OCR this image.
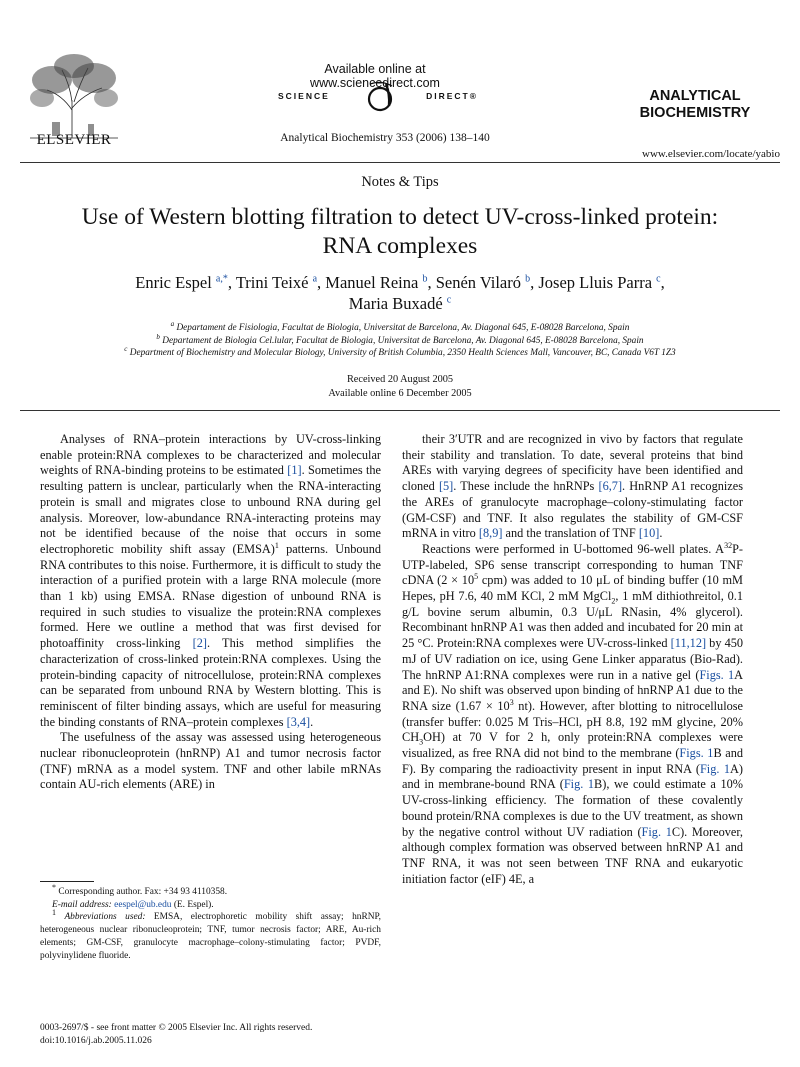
ELSEVIER
Available online at www.sciencedirect.com
SCIENCE	DIRECT®
Analytical Biochemistry 353 (2006) 138–140
ANALYTICAL
BIOCHEMISTRY
www.elsevier.com/locate/yabio
Notes & Tips
Use of Western blotting filtration to detect UV-cross-linked protein:
RNA complexes
Enric Espel $^{a,*}$, Trini Teixé $^a$, Manuel Reina $^b$, Senén Vilaró $^b$, Josep Lluis Parra $^c$,
Maria Buxadé $^c$
$^a$ Departament de Fisiologia, Facultat de Biologia, Universitat de Barcelona, Av. Diagonal 645, E-08028 Barcelona, Spain
$^b$ Departament de Biologia Cel.lular, Facultat de Biologia, Universitat de Barcelona, Av. Diagonal 645, E-08028 Barcelona, Spain
$^c$ Department of Biochemistry and Molecular Biology, University of British Columbia, 2350 Health Sciences Mall, Vancouver, BC, Canada V6T 1Z3
Received 20 August 2005
Available online 6 December 2005

Analyses of RNA–protein interactions by UV-cross-linking enable protein:RNA complexes to be characterized and molecular weights of RNA-binding proteins to be estimated [1]. Sometimes the resulting pattern is unclear, particularly when the RNA-interacting protein is small and migrates close to unbound RNA during gel analysis. Moreover, low-abundance RNA-interacting proteins may not be identified because of the noise that occurs in some electrophoretic mobility shift assay (EMSA)$^1$ patterns. Unbound RNA contributes to this noise. Furthermore, it is difficult to study the interaction of a purified protein with a large RNA molecule (more than 1 kb) using EMSA. RNase digestion of unbound RNA is required in such studies to visualize the protein:RNA complexes formed. Here we outline a method that was first devised for photoaffinity cross-linking [2]. This method simplifies the characterization of cross-linked protein:RNA complexes. Using the protein-binding capacity of nitrocellulose, protein:RNA complexes can be separated from unbound RNA by Western blotting. This is reminiscent of filter binding assays, which are useful for measuring the binding constants of RNA–protein complexes [3,4].

The usefulness of the assay was assessed using heterogeneous nuclear ribonucleoprotein (hnRNP) A1 and tumor necrosis factor (TNF) mRNA as a model system. TNF and other labile mRNAs contain AU-rich elements (ARE) in

their 3′UTR and are recognized in vivo by factors that regulate their stability and translation. To date, several proteins that bind AREs with varying degrees of specificity have been identified and cloned [5]. These include the hnRNPs [6,7]. HnRNP A1 recognizes the AREs of granulocyte macrophage–colony-stimulating factor (GM-CSF) and TNF. It also regulates the stability of GM-CSF mRNA in vitro [8,9] and the translation of TNF [10].

Reactions were performed in U-bottomed 96-well plates. $A^{32}P-UTP$-labeled, SP6 sense transcript corresponding to human TNF cDNA ($2 \times 10^5$ cpm) was added to 10 μL of binding buffer (10 mM Hepes, pH 7.6, 40 mM KCl, 2 mM MgCl$_2$, 1 mM dithiothreitol, 0.1 g/L bovine serum albumin, 0.3 U/μL RNasin, 4% glycerol). Recombinant hnRNP A1 was then added and incubated for 20 min at 25 °C. Protein:RNA complexes were UV-cross-linked [11,12] by 450 mJ of UV radiation on ice, using Gene Linker apparatus (Bio-Rad). The hnRNP A1:RNA complexes were run in a native gel (Figs. 1A and E). No shift was observed upon binding of hnRNP A1 due to the RNA size ($1.67 \times 10^3$ nt). However, after blotting to nitrocellulose (transfer buffer: 0.025 M Tris–HCl, pH 8.8, 192 mM glycine, 20% $CH_3OH$) at 70 V for 2 h, only protein:RNA complexes were visualized, as free RNA did not bind to the membrane (Figs. 1B and F). By comparing the radioactivity present in input RNA (Fig. 1A) and in membrane-bound RNA (Fig. 1B), we could estimate a 10% UV-cross-linking efficiency. The formation of these covalently bound protein/RNA complexes is due to the UV treatment, as shown by the negative control without UV radiation (Fig. 1C). Moreover, although complex formation was observed between hnRNP A1 and TNF RNA, it was not seen between TNF RNA and eukaryotic initiation factor (eIF) 4E, a

* Corresponding author. Fax: +34 93 4110358.

E-mail address: eespel@ub.edu (E. Espel).

$^1$ Abbreviations used: EMSA, electrophoretic mobility shift assay; hnRNP, heterogeneous nuclear ribonucleoprotein; TNF, tumor necrosis factor; ARE, Au-rich elements; GM-CSF, granulocyte macrophage–colony-stimulating factor; PVDF, polyvinylidene fluoride.

0003-2697/$ - see front matter © 2005 Elsevier Inc. All rights reserved.
doi:10.1016/j.ab.2005.11.026
